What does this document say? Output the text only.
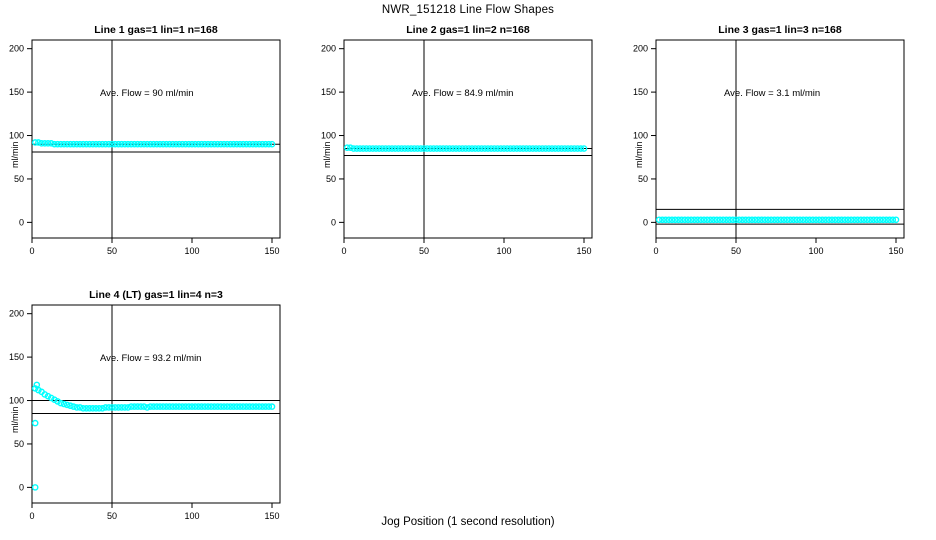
NWR_151218 Line Flow Shapes
Line 1 gas=1 lin=1 n=168
ml/min
0
50
100
150
200
0	50	100	150
Ave. Flow = 90 ml/min
Line 2 gas=1 lin=2 n=168
ml/min
0
50
100
150
200
0	50	100	150
Ave. Flow = 84.9 ml/min
Line 3 gas=1 lin=3 n=168
ml/min
0
50
100
150
200
0	50	100	150
Ave. Flow = 3.1 ml/min
Line 4 (LT) gas=1 lin=4 n=3
ml/min
0
50
100
150
200
0	50	100	150
Ave. Flow = 93.2 ml/min
Jog Position (1 second resolution)
